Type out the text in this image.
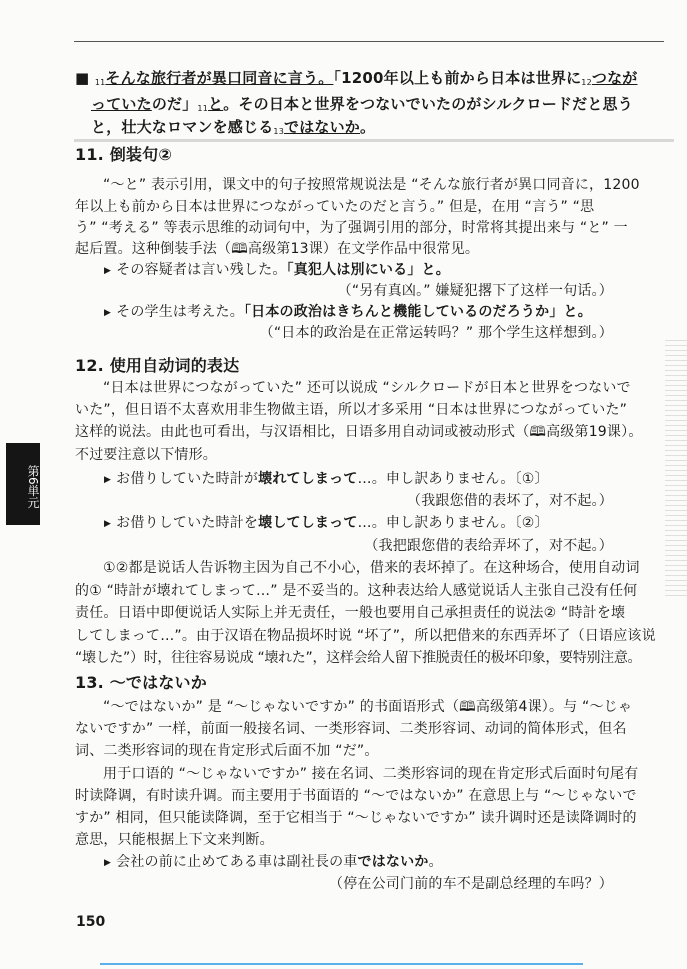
■ $_{11}$そんな旅行者が異口同音に言う。「1200年以上も前から日本は世界に$_{12}$つなが
っていたのだ」$_{11}$と。その日本と世界をつないでいたのがシルクロードだと思う
と，壮大なロマンを感じる$_{13}$ではないか。
11. 倒装句②
“～と” 表示引用，课文中的句子按照常规说法是 “そんな旅行者が異口同音に，1200
年以上も前から日本は世界につながっていたのだと言う。” 但是，在用 “言う” “思
う” “考える” 等表示思维的动词句中，为了强调引用的部分，时常将其提出来与 “と” 一
起后置。这种倒装手法（🕮高级第13课）在文学作品中很常见。
▶ その容疑者は言い残した。「真犯人は別にいる」と。
（“另有真凶。” 嫌疑犯撂下了这样一句话。）
▶ その学生は考えた。「日本の政治はきちんと機能しているのだろうか」と。
（“日本的政治是在正常运转吗？” 那个学生这样想到。）
12. 使用自动词的表达
“日本は世界につながっていた” 还可以说成 “シルクロードが日本と世界をつないで
いた”，但日语不太喜欢用非生物做主语，所以才多采用 “日本は世界につながっていた”
这样的说法。由此也可看出，与汉语相比，日语多用自动词或被动形式（🕮高级第19课）。
不过要注意以下情形。
▶ お借りしていた時計が壊れてしまって…。申し訳ありません。〔①〕
（我跟您借的表坏了，对不起。）
▶ お借りしていた時計を壊してしまって…。申し訳ありません。〔②〕
（我把跟您借的表给弄坏了，对不起。）
①②都是说话人告诉物主因为自己不小心，借来的表坏掉了。在这种场合，使用自动词
的① “時計が壊れてしまって…” 是不妥当的。这种表达给人感觉说话人主张自己没有任何
责任。日语中即便说话人实际上并无责任，一般也要用自己承担责任的说法② “時計を壊
してしまって…”。由于汉语在物品损坏时说 “坏了”，所以把借来的东西弄坏了（日语应该说
“壊した”）时，往往容易说成 “壊れた”，这样会给人留下推脱责任的极坏印象，要特别注意。
13. ～ではないか
“～ではないか” 是 “～じゃないですか” 的书面语形式（🕮高级第4课）。与 “～じゃ
ないですか” 一样，前面一般接名词、一类形容词、二类形容词、动词的简体形式，但名
词、二类形容词的现在肯定形式后面不加 “だ”。
用于口语的 “～じゃないですか” 接在名词、二类形容词的现在肯定形式后面时句尾有
时读降调，有时读升调。而主要用于书面语的 “～ではないか” 在意思上与 “～じゃないで
すか” 相同，但只能读降调，至于它相当于 “～じゃないですか” 读升调时还是读降调时的
意思，只能根据上下文来判断。
▶ 会社の前に止めてある車は副社長の車ではないか。
（停在公司门前的车不是副总经理的车吗？）
第6単元
150
